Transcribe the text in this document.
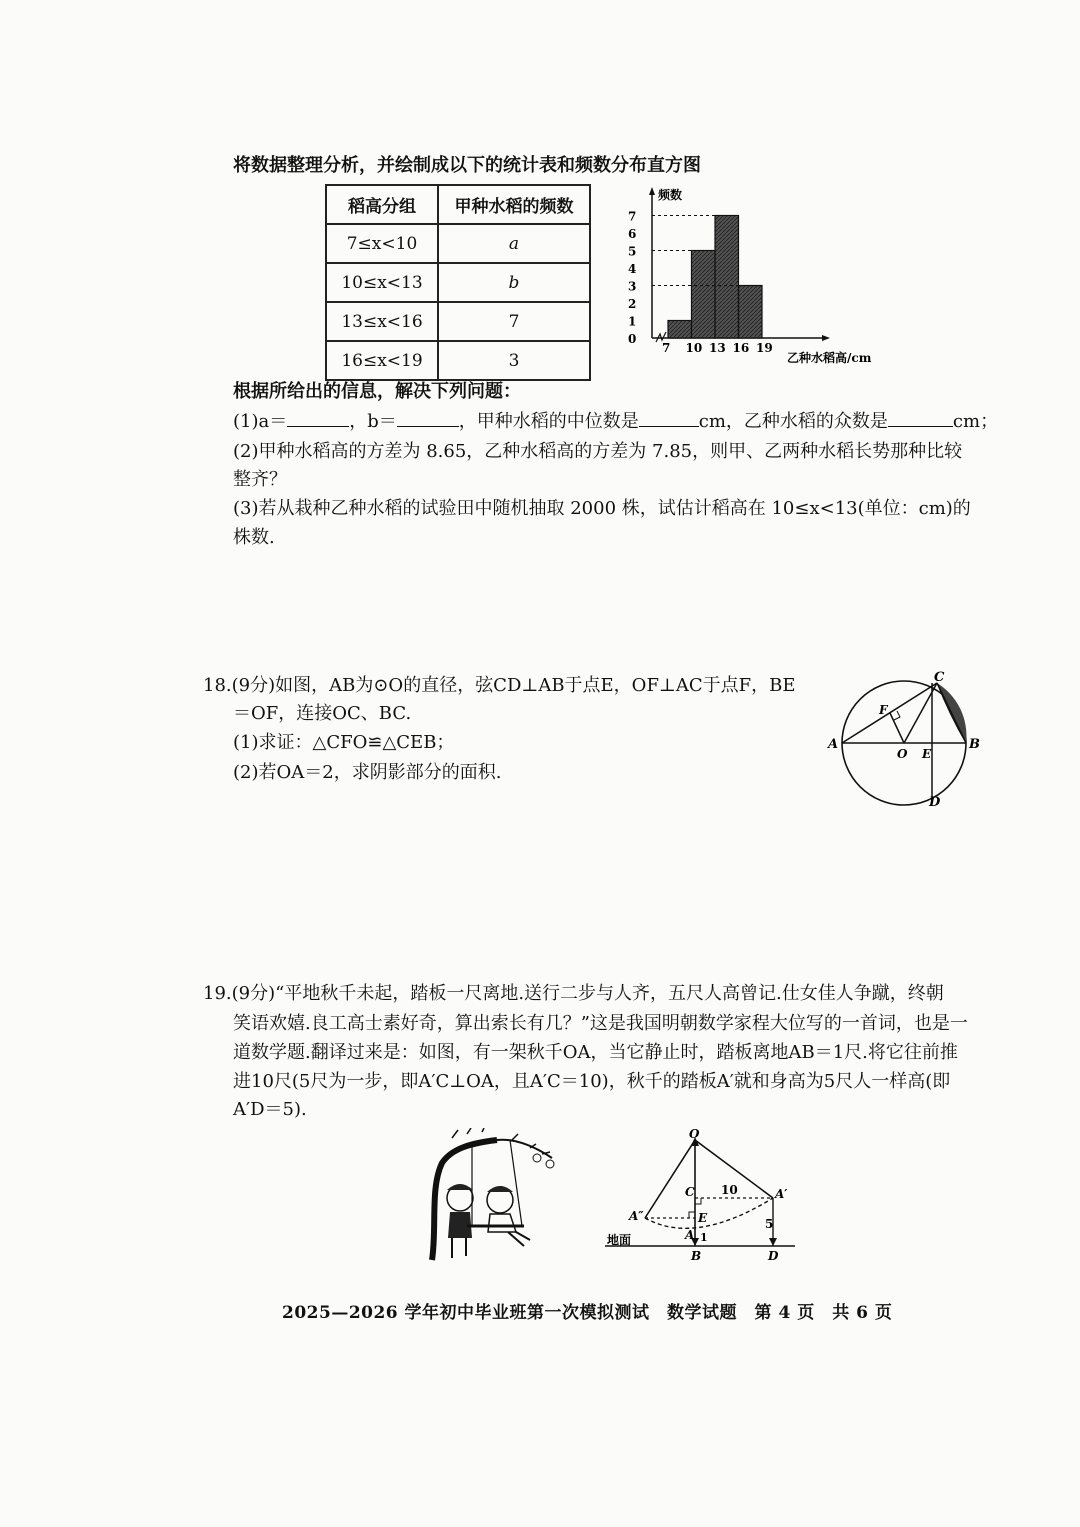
将数据整理分析，并绘制成以下的统计表和频数分布直方图
稻高分组	甲种水稻的频数
7≤x<10	a
10≤x<13	b
13≤x<16	7
16≤x<19	3
0
1
2
3
4
5
6
7
7 10 13 16 19
频数
乙种水稻高/cm
根据所给出的信息，解决下列问题：
(1)a＝	，b＝	，甲种水稻的中位数是	cm，乙种水稻的众数是	cm；
(2)甲种水稻高的方差为 8.65，乙种水稻高的方差为 7.85，则甲、乙两种水稻长势那种比较
整齐？
(3)若从栽种乙种水稻的试验田中随机抽取 2000 株，试估计稻高在 10≤x<13(单位：cm)的
株数.
18.(9分)如图，AB为⊙O的直径，弦CD⊥AB于点E，OF⊥AC于点F，BE
＝OF，连接OC、BC.
(1)求证：△CFO≌△CEB；
(2)若OA＝2，求阴影部分的面积.
A	B
C
D
E
F
O
19.(9分)“平地秋千未起，踏板一尺离地.送行二步与人齐，五尺人高曾记.仕女佳人争蹴，终朝
笑语欢嬉.良工高士素好奇，算出索长有几？”这是我国明朝数学家程大位写的一首词，也是一
道数学题.翻译过来是：如图，有一架秋千OA，当它静止时，踏板离地AB＝1尺.将它往前推
进10尺(5尺为一步，即A′C⊥OA，且A′C＝10)，秋千的踏板A′就和身高为5尺人一样高(即
A′D＝5).
O
C 10	A′
A″	E
A 1
5
B	D
地面
2025—2026 学年初中毕业班第一次模拟测试　数学试题　第 4 页　共 6 页
